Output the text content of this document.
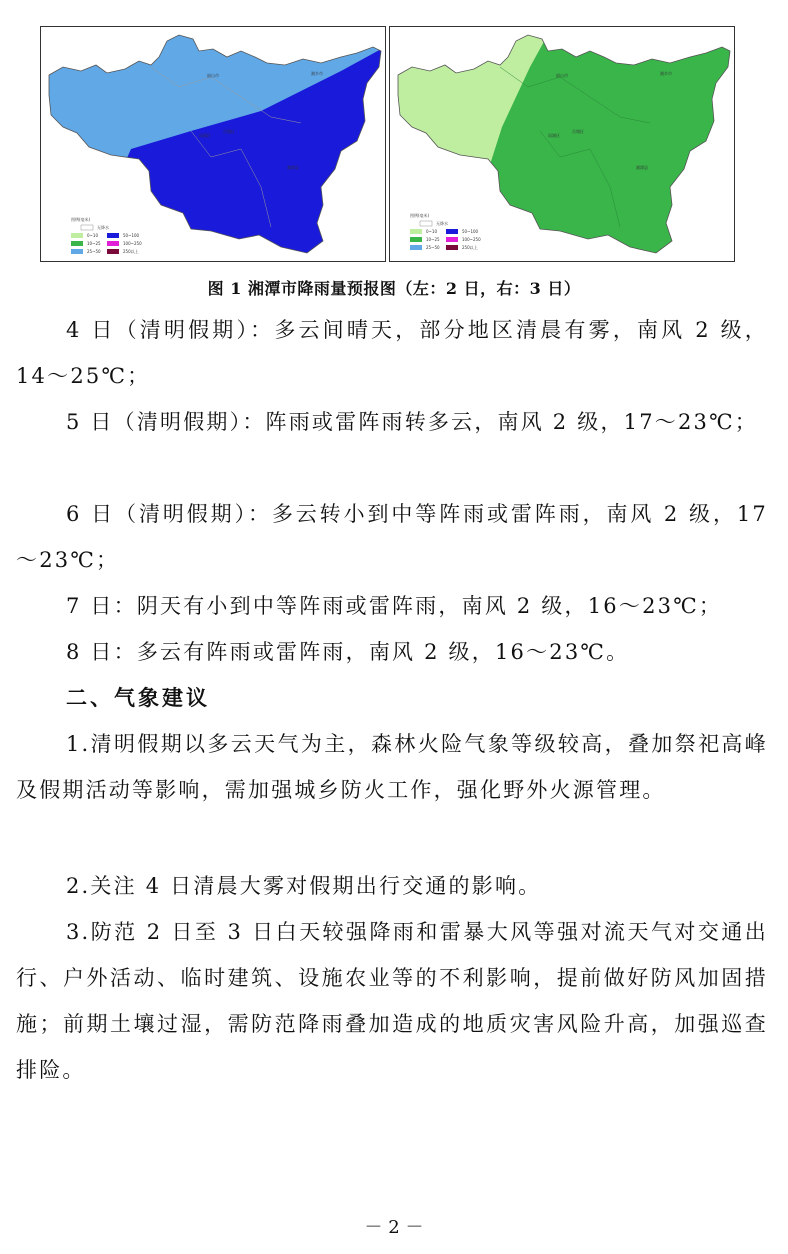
韶山市	湘乡市
湘潭县
岳塘区
雨湖区
图例(毫米)
无降水
0~10
10~25
25~50
50~100
100~250
250以上
韶山市	湘乡市
湘潭县
岳塘区
雨湖区
图例(毫米)
无降水
0~10
10~25
25~50
50~100
100~250
250以上
图 1 湘潭市降雨量预报图（左：2 日，右：3 日）
4 日（清明假期）：多云间晴天，部分地区清晨有雾，南风 2 级，14～25℃；
5 日（清明假期）：阵雨或雷阵雨转多云，南风 2 级，17～23℃；
6 日（清明假期）：多云转小到中等阵雨或雷阵雨，南风 2 级，17～23℃；
7 日：阴天有小到中等阵雨或雷阵雨，南风 2 级，16～23℃；
8 日：多云有阵雨或雷阵雨，南风 2 级，16～23℃。
二、气象建议
1.清明假期以多云天气为主，森林火险气象等级较高，叠加祭祀高峰及假期活动等影响，需加强城乡防火工作，强化野外火源管理。
2.关注 4 日清晨大雾对假期出行交通的影响。
3.防范 2 日至 3 日白天较强降雨和雷暴大风等强对流天气对交通出行、户外活动、临时建筑、设施农业等的不利影响，提前做好防风加固措施；前期土壤过湿，需防范降雨叠加造成的地质灾害风险升高，加强巡查排险。
－ 2 －
